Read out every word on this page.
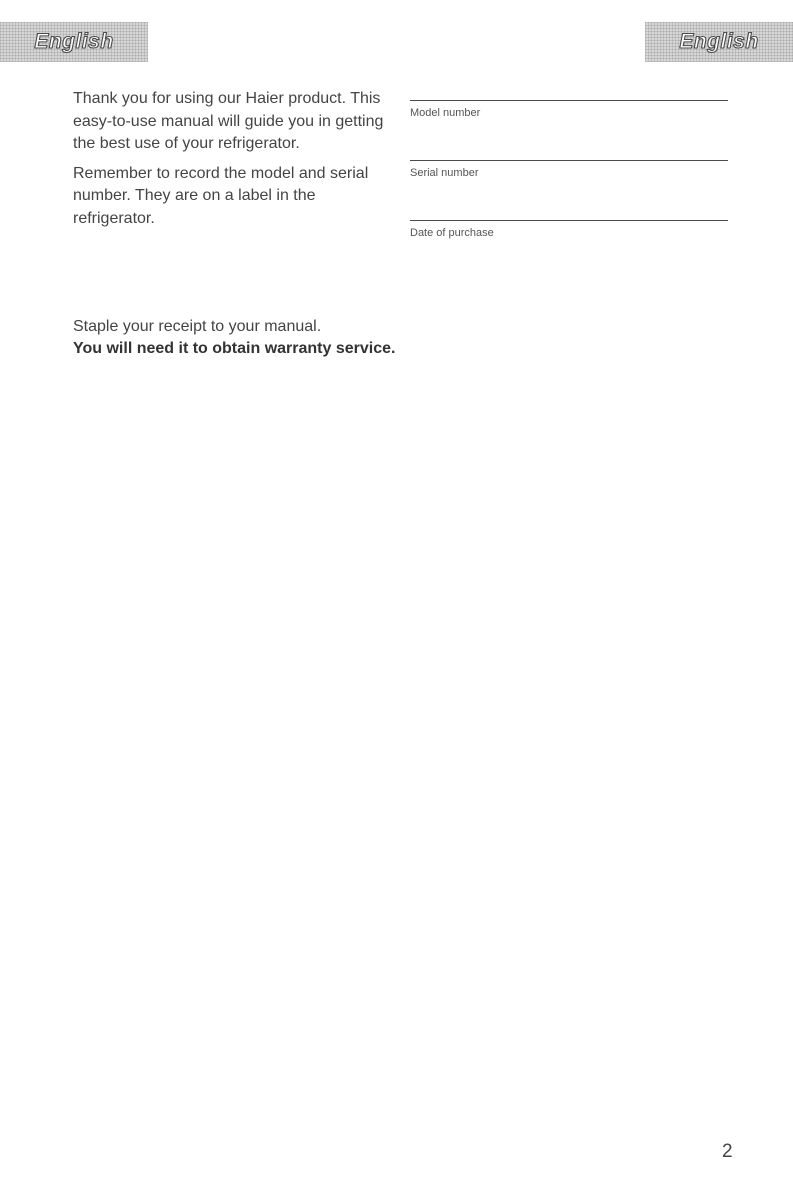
English	English

Thank you for using our Haier product. This easy-to-use manual will guide you in getting the best use of your refrigerator.

Remember to record the model and serial number. They are on a label in the refrigerator.

Model number
Serial number
Date of purchase
Staple your receipt to your manual.
You will need it to obtain warranty service.
2
